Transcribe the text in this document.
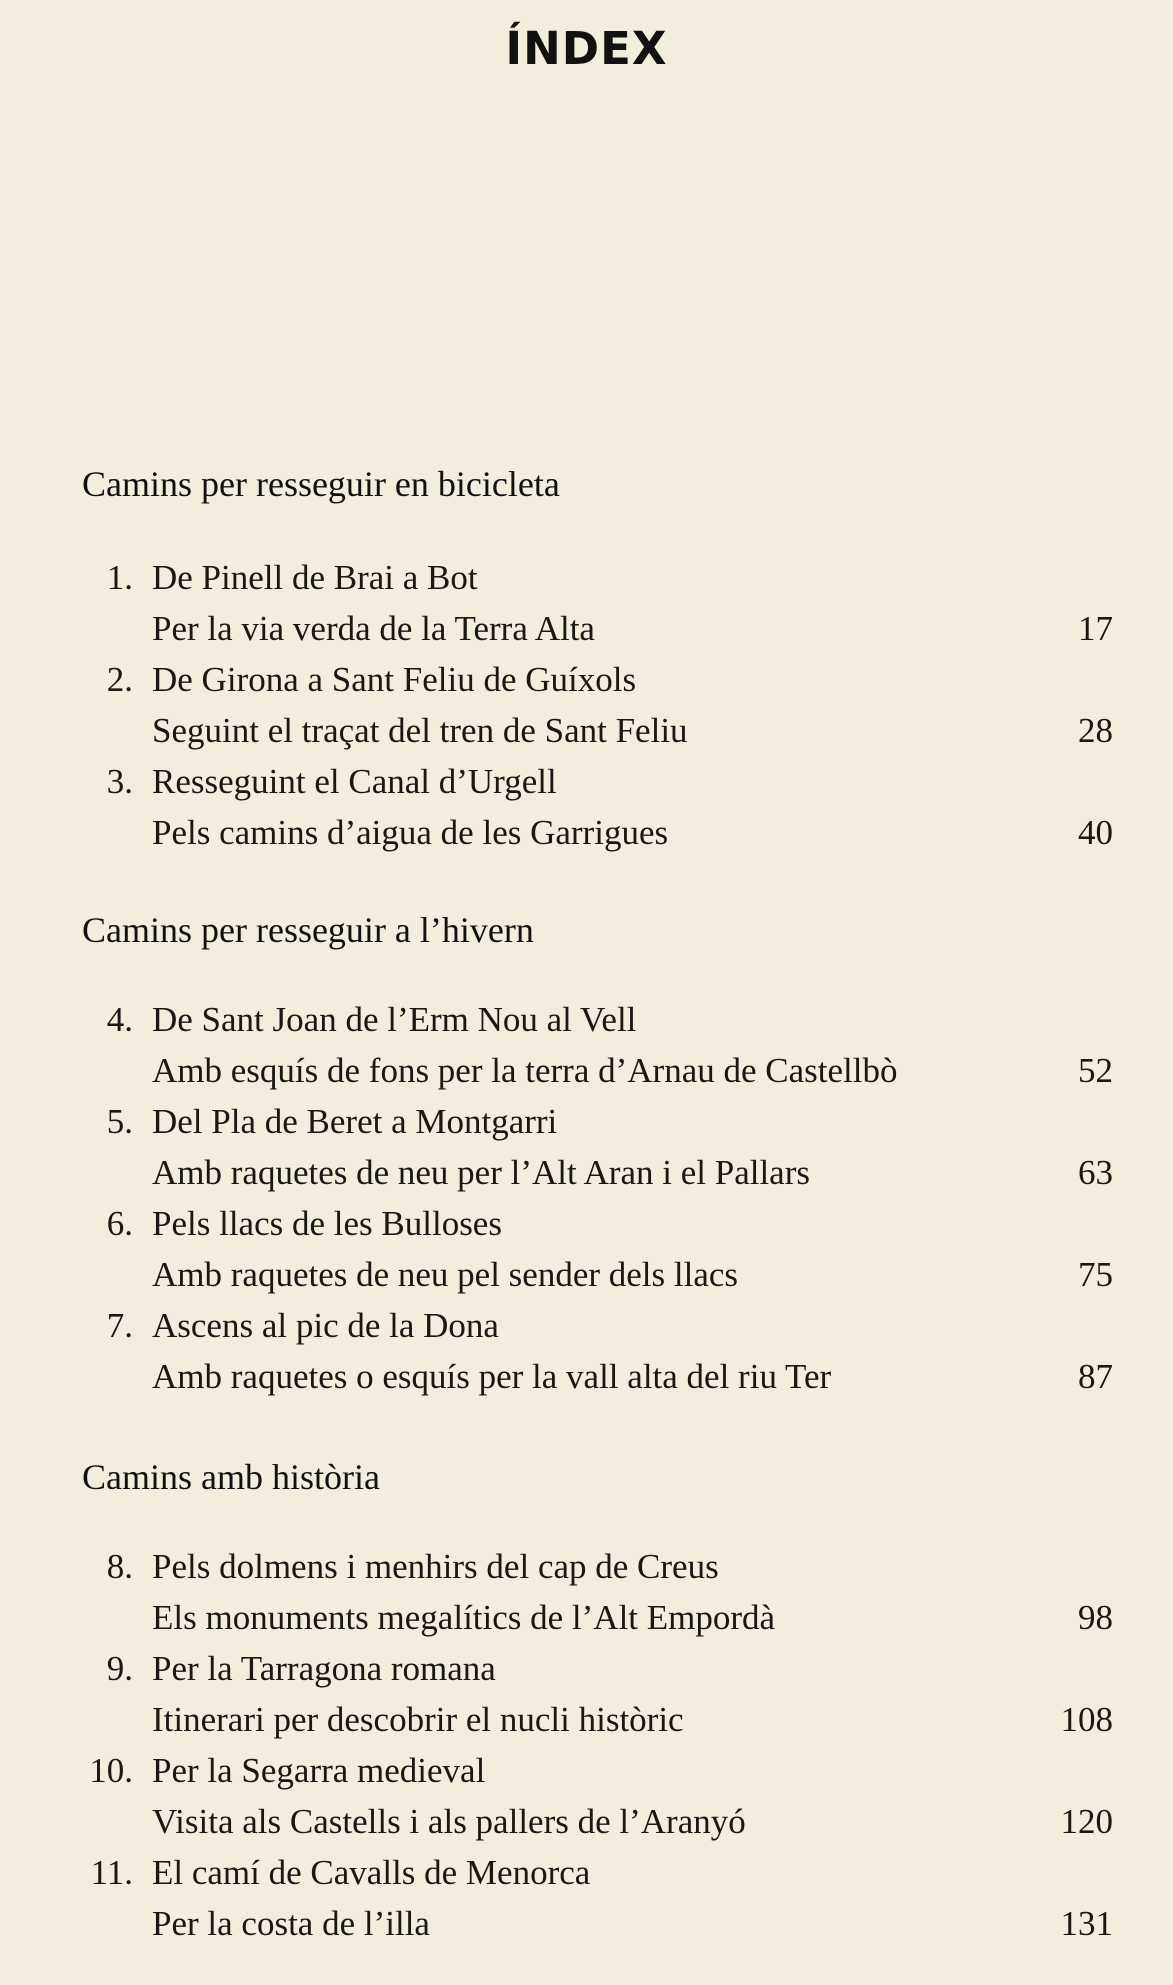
ÍNDEX
Camins per resseguir en bicicleta
1. De Pinell de Brai a Bot
Per la via verda de la Terra Alta	17
2. De Girona a Sant Feliu de Guíxols
Seguint el traçat del tren de Sant Feliu	28
3. Resseguint el Canal d’Urgell
Pels camins d’aigua de les Garrigues	40
Camins per resseguir a l’hivern
4. De Sant Joan de l’Erm Nou al Vell
Amb esquís de fons per la terra d’Arnau de Castellbò	52
5. Del Pla de Beret a Montgarri
Amb raquetes de neu per l’Alt Aran i el Pallars	63
6. Pels llacs de les Bulloses
Amb raquetes de neu pel sender dels llacs	75
7. Ascens al pic de la Dona
Amb raquetes o esquís per la vall alta del riu Ter	87
Camins amb història
8. Pels dolmens i menhirs del cap de Creus
Els monuments megalítics de l’Alt Empordà	98
9. Per la Tarragona romana
Itinerari per descobrir el nucli històric	108
10. Per la Segarra medieval
Visita als Castells i als pallers de l’Aranyó	120
11. El camí de Cavalls de Menorca
Per la costa de l’illa	131
